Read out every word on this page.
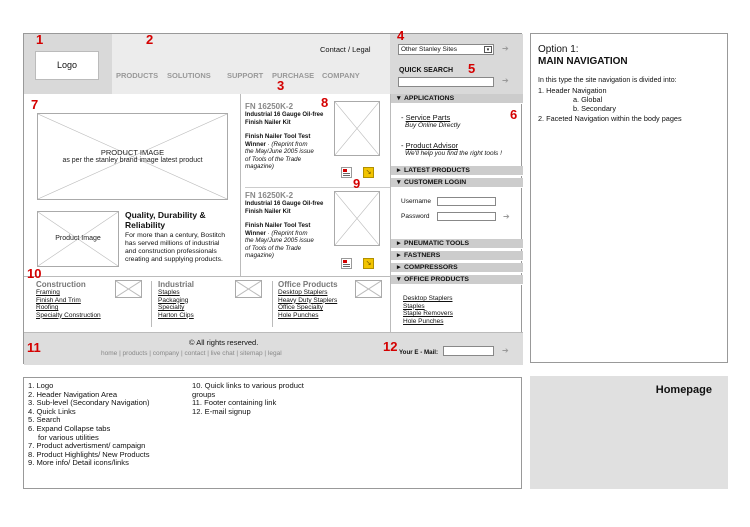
Logo
Contact / Legal
PRODUCTS SOLUTIONS SUPPORT PURCHASE COMPANY
Other Stanley Sites	▾	➔
QUICK SEARCH
➔
PRODUCT IMAGE
as per the stanley brand image latest product
Product Image
Quality, Durability &
Reliability
For more than a century, Bostitch
has served millions of industrial
and construction professionals
creating and supplying products.
FN 16250K-2
Industrial 16 Gauge Oil-free
Finish Nailer Kit
Finish Nailer Tool Test
Winner · (Reprint from
the May/June 2005 issue
of Tools of the Trade
magazine)
↘
FN 16250K-2
Industrial 16 Gauge Oil-free
Finish Nailer Kit
Finish Nailer Tool Test
Winner · (Reprint from
the May/June 2005 issue
of Tools of the Trade
magazine)
↘
▾ APPLICATIONS
- Service Parts
Buy Online Directly
- Product Advisor
We'll help you find the right tools !
▸ LATEST PRODUCTS
▾ CUSTOMER LOGIN
Username
Password	➔
▸ PNEUMATIC TOOLS
▸ FASTNERS
▸ COMPRESSORS
▾ OFFICE PRODUCTS
Desktop Staplers
Staples
Staple Removers
Hole Punches
Construction
Framing
Finish And Trim
Roofing
Specialty Construction
Industrial
Staples
Packaging
Specialty
Harton Clips
Office Products
Desktop Staplers
Heavy Duty Staplers
Office Specialty
Hole Punches
© All rights reserved.
home | products | company | contact | live chat | sitemap | legal	Your E - Mail:	➔
1	2
3
4
5
6
7	8
9
10
11	12
Option 1:
MAIN NAVIGATION
In this type the site navigation is divided into:
1. Header Navigation
a. Global
b. Secondary
2. Faceted Navigation within the body pages
1. Logo
2. Header Navigation Area
3. Sub-level (Secondary Navigation)
4. Quick Links
5. Search
6. Expand Collapse tabs
for various utilities
7. Product advertisment/ campaign
8. Product Highlights/ New Products
9. More info/ Detail icons/links
10. Quick links to various product
groups
11. Footer containing link
12. E-mail signup
Homepage
